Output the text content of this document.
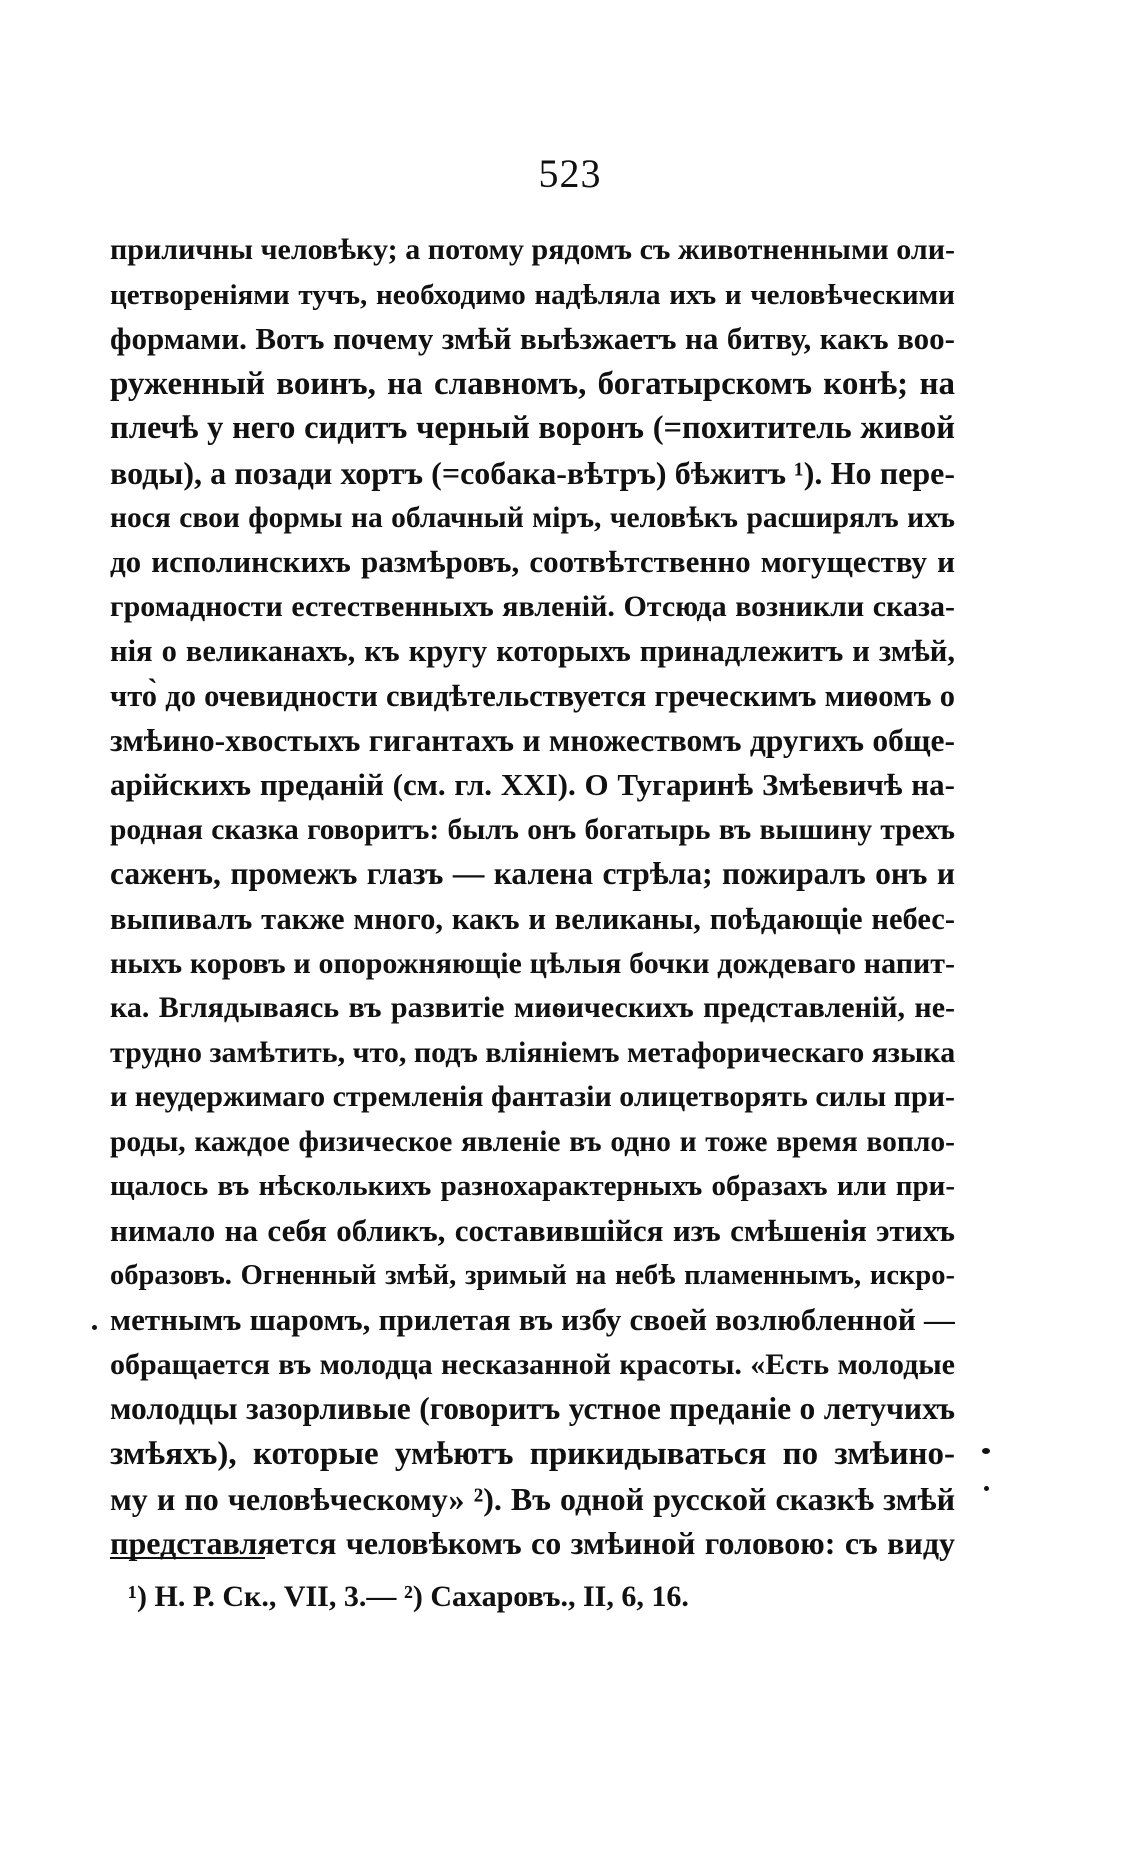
523
приличны человѣку; а потому рядомъ съ животненными оли-
цетвореніями тучъ, необходимо надѣляла ихъ и человѣческими
формами. Вотъ почему змѣй выѣзжаетъ на битву, какъ воо-
руженный воинъ, на славномъ, богатырскомъ конѣ; на
плечѣ у него сидитъ черный воронъ (=похититель живой
воды), а позади хортъ (=собака-вѣтръ) бѣжитъ ¹). Но пере-
нося свои формы на облачный міръ, человѣкъ расширялъ ихъ
до исполинскихъ размѣровъ, соотвѣтственно могуществу и
громадности естественныхъ явленій. Отсюда возникли сказа-
нія о великанахъ, къ кругу которыхъ принадлежитъ и змѣй,
что̀ до очевидности свидѣтельствуется греческимъ миѳомъ о
змѣино-хвостыхъ гигантахъ и множествомъ другихъ обще-
арійскихъ преданій (см. гл. XXI). О Тугаринѣ Змѣевичѣ на-
родная сказка говоритъ: былъ онъ богатырь въ вышину трехъ
саженъ, промежъ глазъ — калена стрѣла; пожиралъ онъ и
выпивалъ также много, какъ и великаны, поѣдающіе небес-
ныхъ коровъ и опорожняющіе цѣлыя бочки дождеваго напит-
ка. Вглядываясь въ развитіе миѳическихъ представленій, не-
трудно замѣтить, что, подъ вліяніемъ метафорическаго языка
и неудержимаго стремленія фантазіи олицетворять силы при-
роды, каждое физическое явленіе въ одно и тоже время вопло-
щалось въ нѣсколькихъ разнохарактерныхъ образахъ или при-
нимало на себя обликъ, составившійся изъ смѣшенія этихъ
образовъ. Огненный змѣй, зримый на небѣ пламеннымъ, искро-
метнымъ шаромъ, прилетая въ избу своей возлюбленной —
обращается въ молодца несказанной красоты. «Есть молодые
молодцы зазорливые (говоритъ устное преданіе о летучихъ
змѣяхъ), которые умѣютъ прикидываться по змѣино-
му и по человѣческому» ²). Въ одной русской сказкѣ змѣй
представляется человѣкомъ со змѣиной головою: съ виду
¹) Н. Р. Ск., VII, 3.— ²) Сахаровъ., II, 6, 16.
